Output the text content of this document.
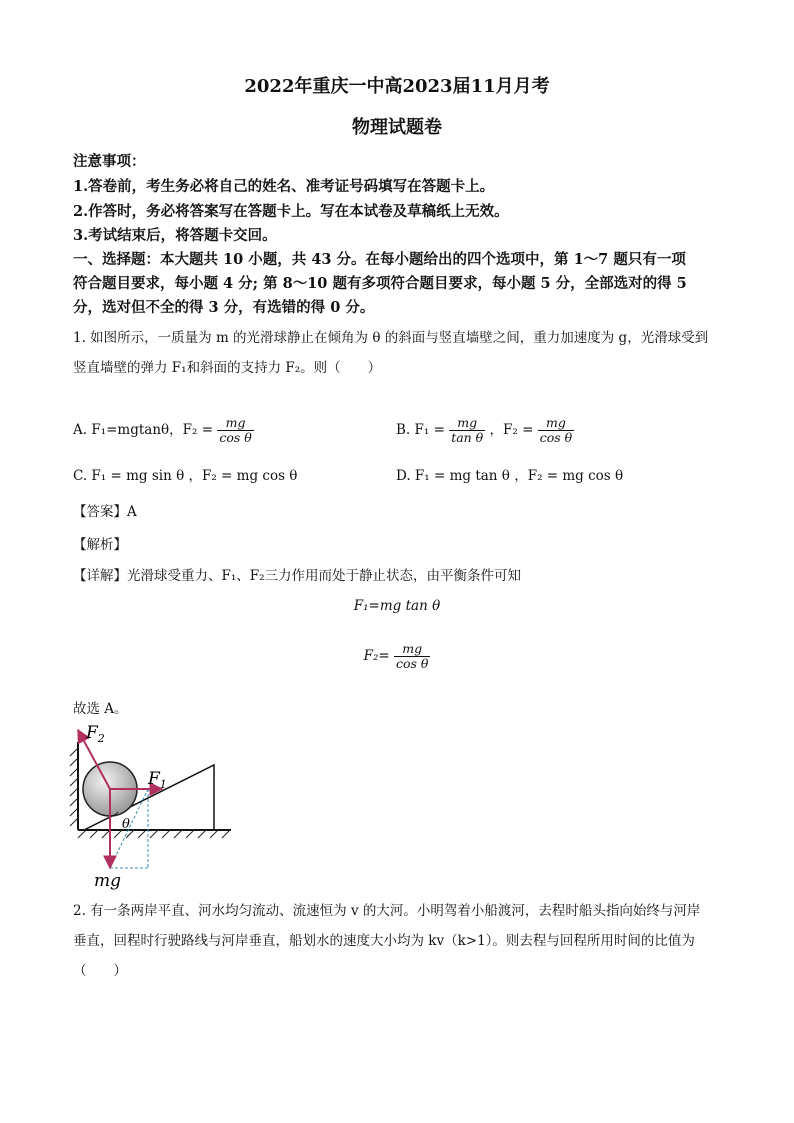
2022年重庆一中高2023届11月月考
物理试题卷
注意事项：
1.答卷前，考生务必将自己的姓名、准考证号码填写在答题卡上。
2.作答时，务必将答案写在答题卡上。写在本试卷及草稿纸上无效。
3.考试结束后，将答题卡交回。
一、选择题：本大题共 10 小题，共 43 分。在每小题给出的四个选项中，第 1～7 题只有一项
符合题目要求，每小题 4 分; 第 8～10 题有多项符合题目要求，每小题 5 分，全部选对的得 5
分，选对但不全的得 3 分，有选错的得 0 分。
1. 如图所示，一质量为 m 的光滑球静止在倾角为 θ 的斜面与竖直墙壁之间，重力加速度为 g，光滑球受到
竖直墙壁的弹力 F₁和斜面的支持力 F₂。则（　　）
A. F₁=mgtanθ，$F_2 = \frac{mg}{\text{cos θ}}$	B. $F_1 = \frac{mg}{\text{tan θ}}$ ，$F_2 = \frac{mg}{\text{cos θ}}$
C. F₁ = mg sin θ ，F₂ = mg cos θ	D. F₁ = mg tan θ ，F₂ = mg cos θ
【答案】A
【解析】
【详解】光滑球受重力、F₁、F₂三力作用而处于静止状态，由平衡条件可知
F₁=mg tan θ
$F_2= \frac{mg}{\text{cos θ}}$
故选 A。
$F_2$
$F_1$
θ
mg
2. 有一条两岸平直、河水均匀流动、流速恒为 v 的大河。小明驾着小船渡河，去程时船头指向始终与河岸
垂直，回程时行驶路线与河岸垂直，船划水的速度大小均为 kv（k>1）。则去程与回程所用时间的比值为
（　　）
